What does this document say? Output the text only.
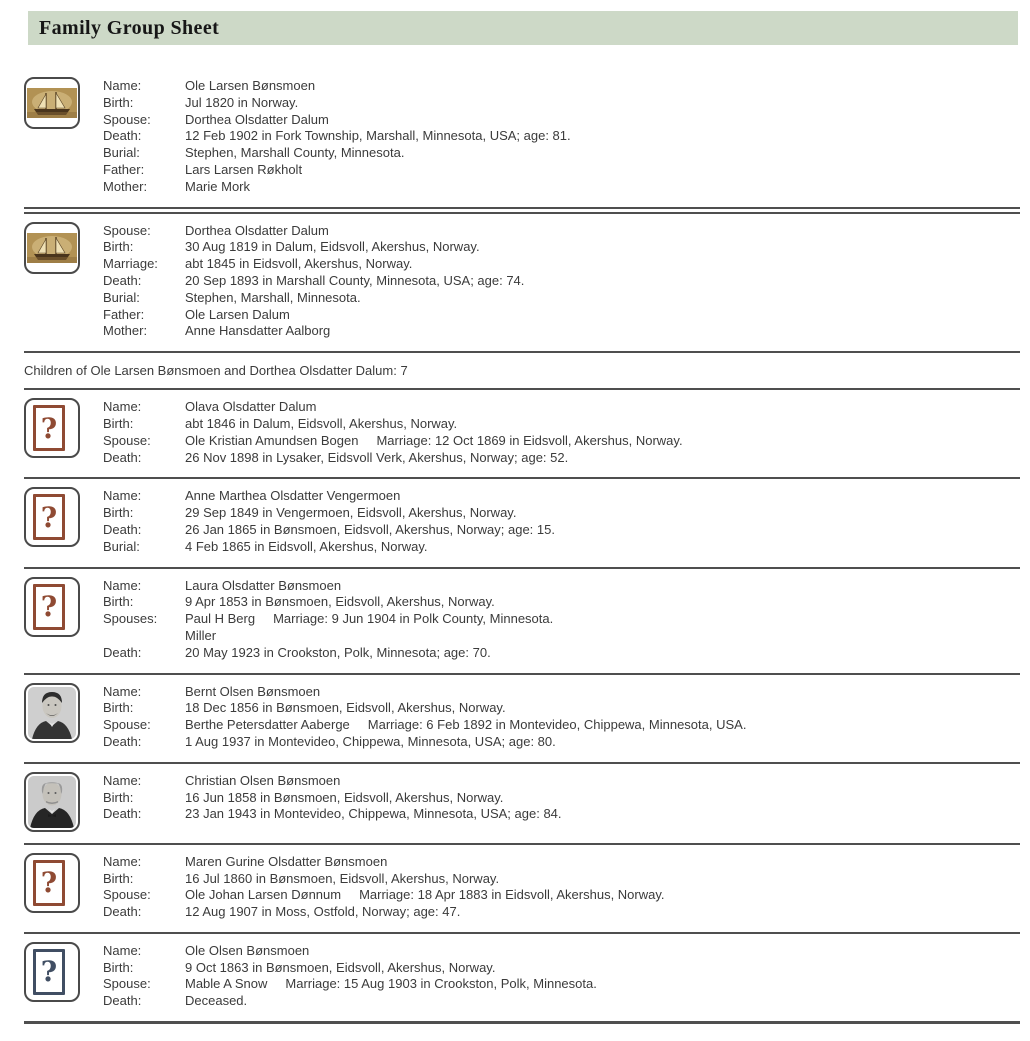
Family Group Sheet
Name:	Ole Larsen Bønsmoen
Birth:	Jul 1820 in Norway.
Spouse:	Dorthea Olsdatter Dalum
Death:	12 Feb 1902 in Fork Township, Marshall, Minnesota, USA; age: 81.
Burial:	Stephen, Marshall County, Minnesota.
Father:	Lars Larsen Røkholt
Mother:	Marie Mork
Spouse:	Dorthea Olsdatter Dalum
Birth:	30 Aug 1819 in Dalum, Eidsvoll, Akershus, Norway.
Marriage:	abt 1845 in Eidsvoll, Akershus, Norway.
Death:	20 Sep 1893 in Marshall County, Minnesota, USA; age: 74.
Burial:	Stephen, Marshall, Minnesota.
Father:	Ole Larsen Dalum
Mother:	Anne Hansdatter Aalborg
Children of Ole Larsen Bønsmoen and Dorthea Olsdatter Dalum: 7
?
Name:	Olava Olsdatter Dalum
Birth:	abt 1846 in Dalum, Eidsvoll, Akershus, Norway.
Spouse:	Ole Kristian Amundsen Bogen Marriage: 12 Oct 1869 in Eidsvoll, Akershus, Norway.
Death:	26 Nov 1898 in Lysaker, Eidsvoll Verk, Akershus, Norway; age: 52.
?
Name:	Anne Marthea Olsdatter Vengermoen
Birth:	29 Sep 1849 in Vengermoen, Eidsvoll, Akershus, Norway.
Death:	26 Jan 1865 in Bønsmoen, Eidsvoll, Akershus, Norway; age: 15.
Burial:	4 Feb 1865 in Eidsvoll, Akershus, Norway.
?
Name:	Laura Olsdatter Bønsmoen
Birth:	9 Apr 1853 in Bønsmoen, Eidsvoll, Akershus, Norway.
Spouses:	Paul H Berg Marriage: 9 Jun 1904 in Polk County, Minnesota.
Miller
Death:	20 May 1923 in Crookston, Polk, Minnesota; age: 70.
Name:	Bernt Olsen Bønsmoen
Birth:	18 Dec 1856 in Bønsmoen, Eidsvoll, Akershus, Norway.
Spouse:	Berthe Petersdatter Aaberge Marriage: 6 Feb 1892 in Montevideo, Chippewa, Minnesota, USA.
Death:	1 Aug 1937 in Montevideo, Chippewa, Minnesota, USA; age: 80.
Name:	Christian Olsen Bønsmoen
Birth:	16 Jun 1858 in Bønsmoen, Eidsvoll, Akershus, Norway.
Death:	23 Jan 1943 in Montevideo, Chippewa, Minnesota, USA; age: 84.
?
Name:	Maren Gurine Olsdatter Bønsmoen
Birth:	16 Jul 1860 in Bønsmoen, Eidsvoll, Akershus, Norway.
Spouse:	Ole Johan Larsen Dønnum Marriage: 18 Apr 1883 in Eidsvoll, Akershus, Norway.
Death:	12 Aug 1907 in Moss, Ostfold, Norway; age: 47.
?
Name:	Ole Olsen Bønsmoen
Birth:	9 Oct 1863 in Bønsmoen, Eidsvoll, Akershus, Norway.
Spouse:	Mable A Snow Marriage: 15 Aug 1903 in Crookston, Polk, Minnesota.
Death:	Deceased.
